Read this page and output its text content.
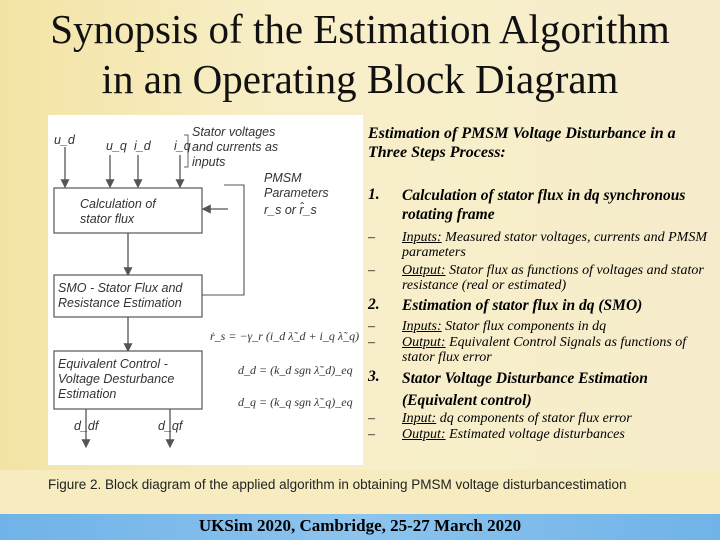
Synopsis of the Estimation Algorithm
in an Operating Block Diagram
u_d u_q i_d i_q
Stator voltages and currents as inputs
PMSM Parameters
r_s or r̂_s
Calculation of stator flux
SMO - Stator Flux and Resistance Estimation
Equivalent Control - Voltage Desturbance Estimation
ṙ_s = −γ_r (i_d λ̃_d + i_q λ̃_q)
d_d = (k_d sgn λ̃_d)_eq
d_q = (k_q sgn λ̃_q)_eq
d_df	d_qf
Estimation of PMSM Voltage Disturbance in a Three Steps Process:
1. Calculation of stator flux in dq synchronous rotating frame
– Inputs: Measured stator voltages, currents and PMSM parameters
– Output: Stator flux as functions of voltages and stator resistance (real or estimated)
2. Estimation of stator flux in dq (SMO)
– Inputs: Stator flux components in dq
– Output: Equivalent Control Signals as functions of stator flux error
3. Stator Voltage Disturbance Estimation (Equivalent control)
– Input: dq components of stator flux error
– Output: Estimated voltage disturbances
Figure 2. Block diagram of the applied algorithm in obtaining PMSM voltage disturbancestimation
UKSim 2020, Cambridge, 25-27 March 2020
